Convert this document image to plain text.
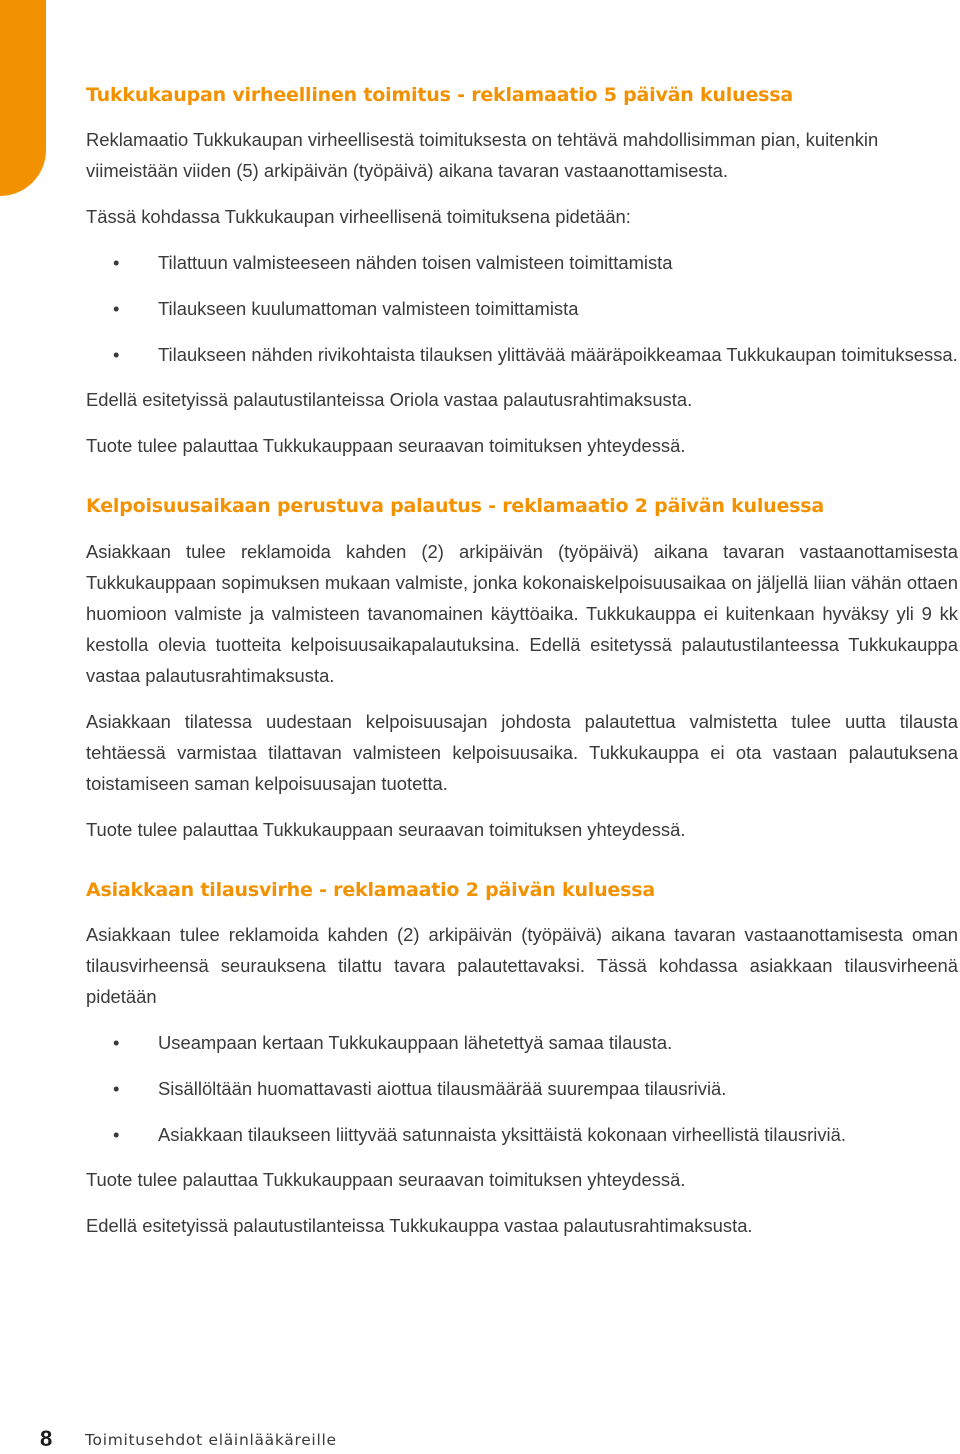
Tukkukaupan virheellinen toimitus - reklamaatio 5 päivän kuluessa

Reklamaatio Tukkukaupan virheellisestä toimituksesta on tehtävä mahdollisimman pian, kuitenkin viimeistään viiden (5) arkipäivän (työpäivä) aikana tavaran vastaanottamisesta.

Tässä kohdassa Tukkukaupan virheellisenä toimituksena pidetään:

• Tilattuun valmisteeseen nähden toisen valmisteen toimittamista
• Tilaukseen kuulumattoman valmisteen toimittamista
• Tilaukseen nähden rivikohtaista tilauksen ylittävää määräpoikkeamaa Tukkukaupan toimituksessa.

Edellä esitetyissä palautustilanteissa Oriola vastaa palautusrahtimaksusta.

Tuote tulee palauttaa Tukkukauppaan seuraavan toimituksen yhteydessä.

Kelpoisuusaikaan perustuva palautus - reklamaatio 2 päivän kuluessa

Asiakkaan tulee reklamoida kahden (2) arkipäivän (työpäivä) aikana tavaran vastaanottamisesta Tukkukauppaan sopimuksen mukaan valmiste, jonka kokonaiskelpoisuusaikaa on jäljellä liian vähän ottaen huomioon valmiste ja valmisteen tavanomainen käyttöaika. Tukkukauppa ei kuitenkaan hyväksy yli 9 kk kestolla olevia tuotteita kelpoisuusaikapalautuksina. Edellä esitetyssä palautustilanteessa Tukkukauppa vastaa palautusrahtimaksusta.

Asiakkaan tilatessa uudestaan kelpoisuusajan johdosta palautettua valmistetta tulee uutta tilausta tehtäessä varmistaa tilattavan valmisteen kelpoisuusaika. Tukkukauppa ei ota vastaan palautuksena toistamiseen saman kelpoisuusajan tuotetta.

Tuote tulee palauttaa Tukkukauppaan seuraavan toimituksen yhteydessä.

Asiakkaan tilausvirhe - reklamaatio 2 päivän kuluessa

Asiakkaan tulee reklamoida kahden (2) arkipäivän (työpäivä) aikana tavaran vastaanottamisesta oman tilausvirheensä seurauksena tilattu tavara palautettavaksi. Tässä kohdassa asiakkaan tilausvirheenä pidetään

• Useampaan kertaan Tukkukauppaan lähetettyä samaa tilausta.
• Sisällöltään huomattavasti aiottua tilausmäärää suurempaa tilausriviä.
• Asiakkaan tilaukseen liittyvää satunnaista yksittäistä kokonaan virheellistä tilausriviä.

Tuote tulee palauttaa Tukkukauppaan seuraavan toimituksen yhteydessä.

Edellä esitetyissä palautustilanteissa Tukkukauppa vastaa palautusrahtimaksusta.

8 Toimitusehdot eläinlääkäreille
